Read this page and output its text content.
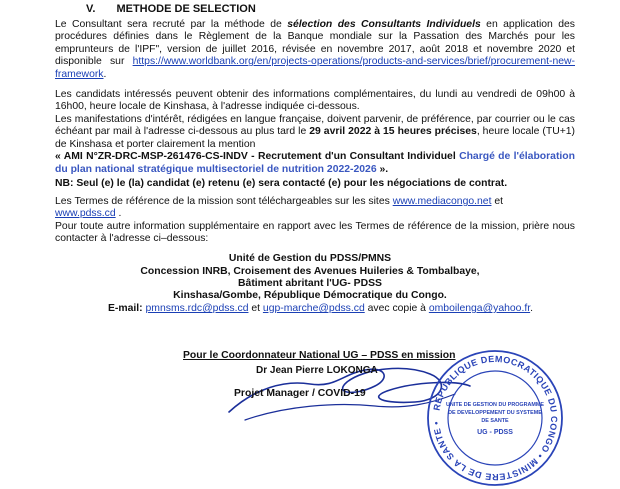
V. METHODE DE SELECTION

Le Consultant sera recruté par la méthode de sélection des Consultants Individuels en application des procédures définies dans le Règlement de la Banque mondiale sur la Passation des Marchés pour les emprunteurs de l'IPF", version de juillet 2016, révisée en novembre 2017, août 2018 et novembre 2020 et disponible sur https://www.worldbank.org/en/projects-operations/products-and-services/brief/procurement-new-framework.

Les candidats intéressés peuvent obtenir des informations complémentaires, du lundi au vendredi de 09h00 à 16h00, heure locale de Kinshasa, à l'adresse indiquée ci-dessous.

Les manifestations d'intérêt, rédigées en langue française, doivent parvenir, de préférence, par courrier ou le cas échéant par mail à l'adresse ci-dessous au plus tard le 29 avril 2022 à 15 heures précises, heure locale (TU+1) de Kinshasa et porter clairement la mention
« AMI N°ZR-DRC-MSP-261476-CS-INDV - Recrutement d'un Consultant Individuel Chargé de l'élaboration du plan national stratégique multisectoriel de nutrition 2022-2026 ».

NB: Seul (e) le (la) candidat (e) retenu (e) sera contacté (e) pour les négociations de contrat.

Les Termes de référence de la mission sont téléchargeables sur les sites www.mediacongo.net et
www.pdss.cd .
Pour toute autre information supplémentaire en rapport avec les Termes de référence de la mission, prière nous contacter à l'adresse ci–dessous:

Unité de Gestion du PDSS/PMNS
Concession INRB, Croisement des Avenues Huileries & Tombalbaye,
Bâtiment abritant l'UG- PDSS
Kinshasa/Gombe, République Démocratique du Congo.
E-mail: pmnsms.rdc@pdss.cd et ugp-marche@pdss.cd avec copie à omboilenga@yahoo.fr.
Pour le Coordonnateur National UG – PDSS en mission
Dr Jean Pierre LOKONGA
Projet Manager / COVID-19
REPUBLIQUE DEMOCRATIQUE DU CONGO • MINISTERE DE LA SANTE •
UNITE DE GESTION DU PROGRAMME
DE DEVELOPPEMENT DU SYSTEME
DE SANTE
UG - PDSS
